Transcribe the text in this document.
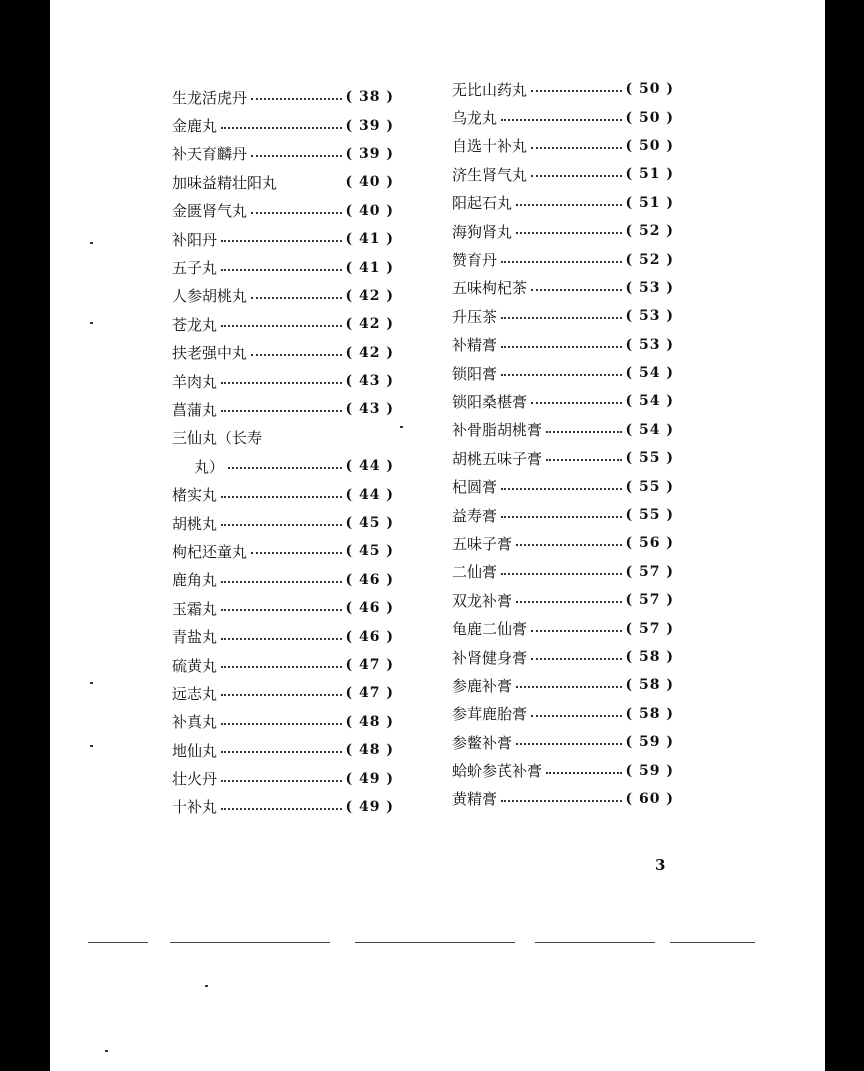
生龙活虎丹	( 38 )
金鹿丸	( 39 )
补天育麟丹	( 39 )
加味益精壮阳丸	( 40 )
金匮肾气丸	( 40 )
补阳丹	( 41 )
五子丸	( 41 )
人参胡桃丸	( 42 )
苍龙丸	( 42 )
扶老强中丸	( 42 )
羊肉丸	( 43 )
菖蒲丸	( 43 )
三仙丸（长寿
丸）	( 44 )
楮实丸	( 44 )
胡桃丸	( 45 )
枸杞还童丸	( 45 )
鹿角丸	( 46 )
玉霜丸	( 46 )
青盐丸	( 46 )
硫黄丸	( 47 )
远志丸	( 47 )
补真丸	( 48 )
地仙丸	( 48 )
壮火丹	( 49 )
十补丸	( 49 )
无比山药丸	( 50 )
乌龙丸	( 50 )
自选十补丸	( 50 )
济生肾气丸	( 51 )
阳起石丸	( 51 )
海狗肾丸	( 52 )
赞育丹	( 52 )
五味枸杞茶	( 53 )
升压茶	( 53 )
补精膏	( 53 )
锁阳膏	( 54 )
锁阳桑椹膏	( 54 )
补骨脂胡桃膏	( 54 )
胡桃五味子膏	( 55 )
杞圆膏	( 55 )
益寿膏	( 55 )
五味子膏	( 56 )
二仙膏	( 57 )
双龙补膏	( 57 )
龟鹿二仙膏	( 57 )
补肾健身膏	( 58 )
参鹿补膏	( 58 )
参茸鹿胎膏	( 58 )
参鳖补膏	( 59 )
蛤蚧参芪补膏	( 59 )
黄精膏	( 60 )
3
